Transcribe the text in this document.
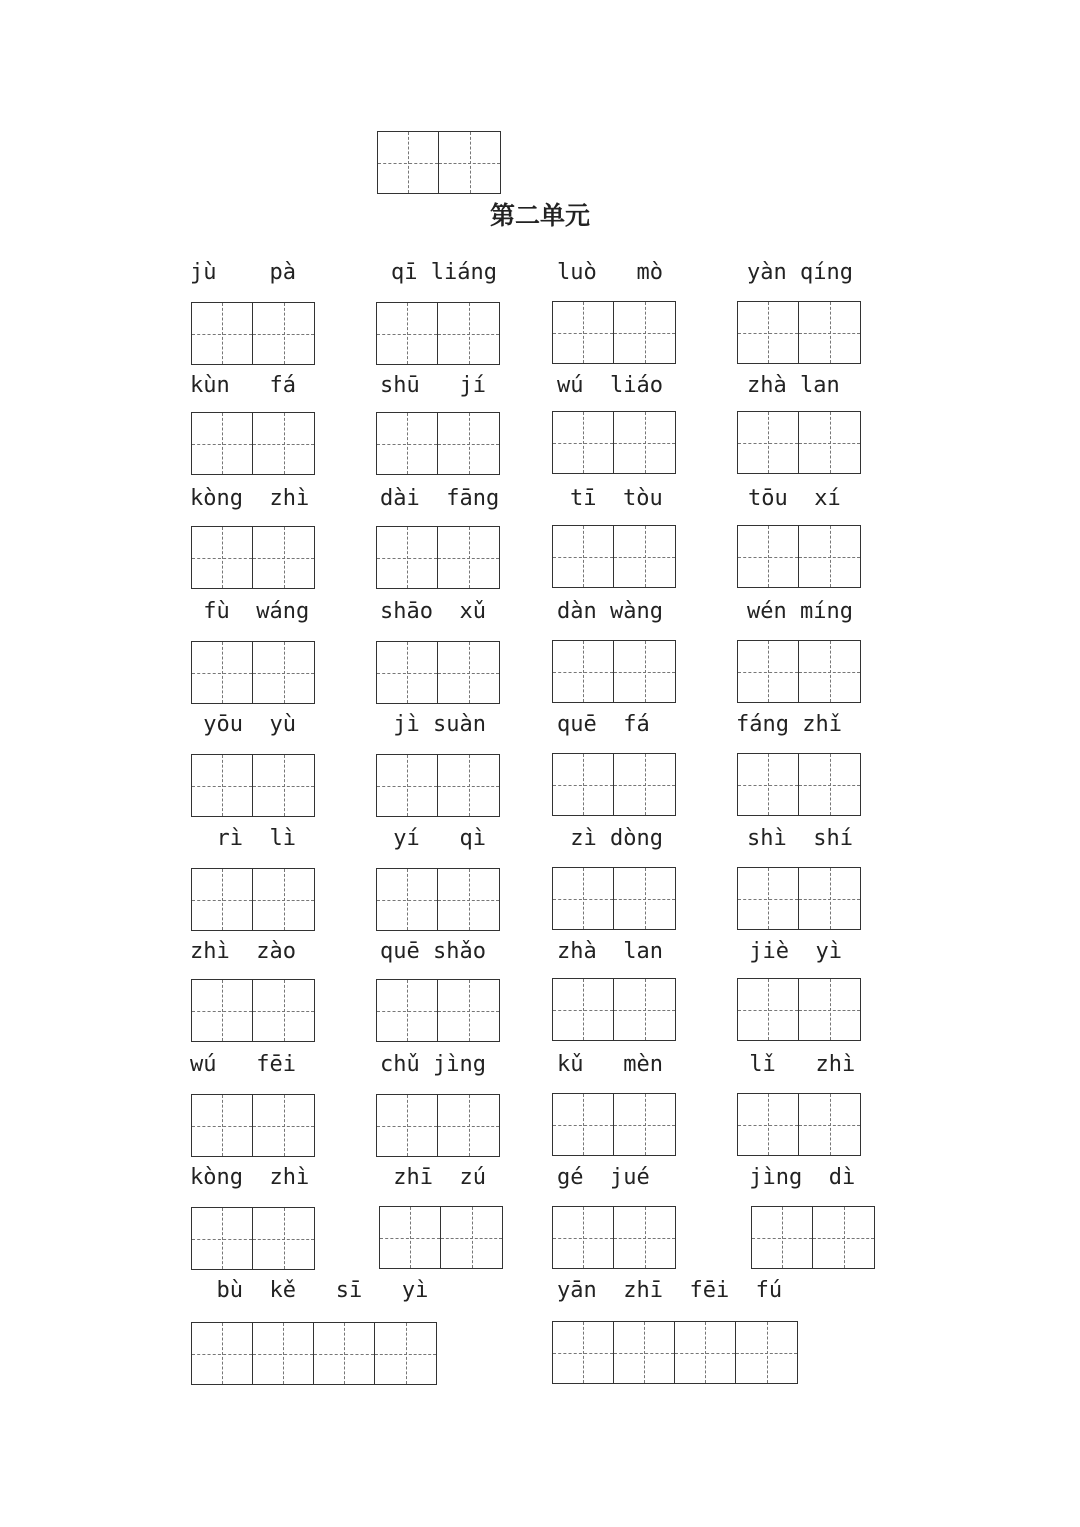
第二单元
jù    pà	qī liáng	luò   mò	yàn qíng
kùn   fá	shū   jí	wú  liáo	zhà lan
kòng  zhì	dài  fāng	tī  tòu	tōu  xí
fù  wáng	shāo  xǔ	dàn wàng	wén míng
yōu  yù	jì suàn	quē  fá	fáng zhǐ
rì  lì	yí   qì	zì dòng	shì  shí
zhì  zào	quē shǎo	zhà  lan	jiè  yì
wú   fēi	chǔ jìng	kǔ   mèn	lǐ   zhì
kòng  zhì	zhī  zú	gé  jué	jìng  dì
bù  kě   sī   yì	yān  zhī  fēi  fú
